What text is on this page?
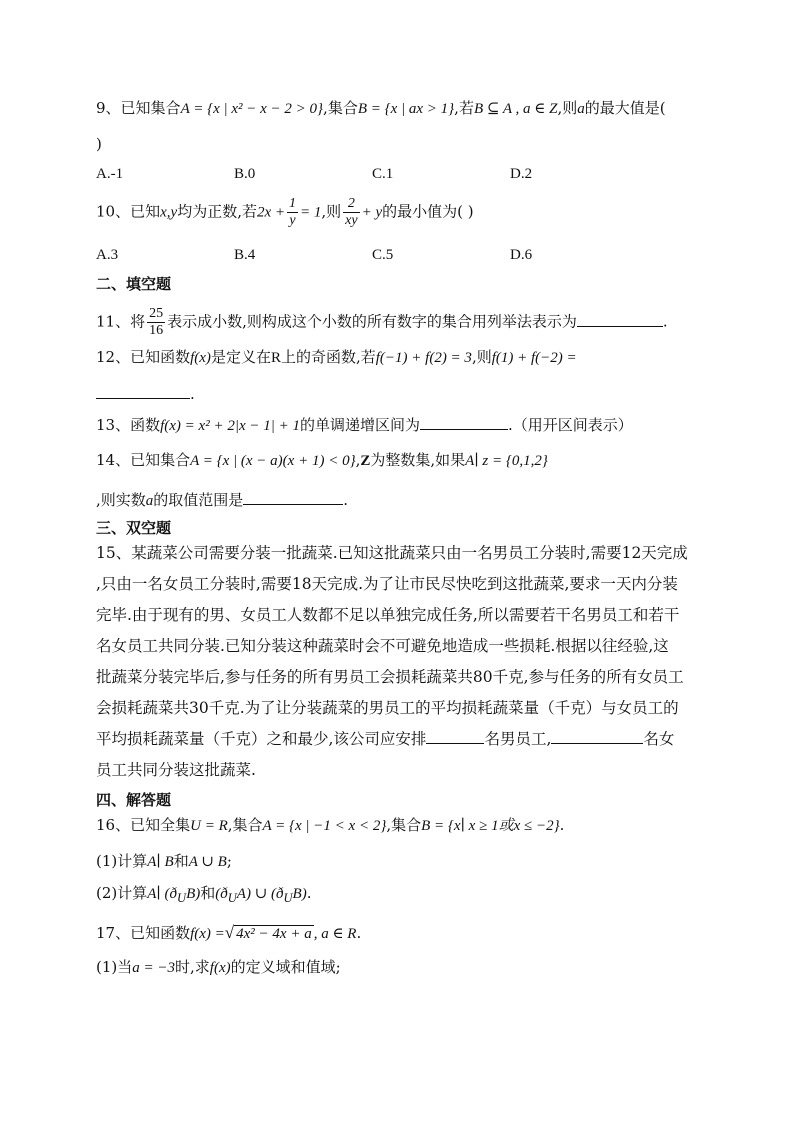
9、已知集合A = {x | x² − x − 2 > 0},集合B = {x | ax > 1},若B ⊆ A , a ∈ Z,则a的最大值是(
)
A.-1	B.0	C.1	D.2
10、已知x,y均为正数,若$2x + \frac{1}{y} = 1$,则 $\frac{2}{xy} + y$的最小值为( )
A.3	B.4	C.5	D.6
二、填空题
11、将 $\frac{25}{16}$ 表示成小数,则构成这个小数的所有数字的集合用列举法表示为	.
12、已知函数f(x)是定义在R上的奇函数,若f(−1) + f(2) = 3,则f(1) + f(−2) =
.
13、函数f(x) = x² + 2|x − 1| + 1的单调递增区间为	.（用开区间表示）
14、已知集合A = {x | (x − a)(x + 1) < 0},Z为整数集,如果A∣ z = {0,1,2}
,则实数a的取值范围是	.
三、双空题
15、某蔬菜公司需要分装一批蔬菜.已知这批蔬菜只由一名男员工分装时,需要12天完成
,只由一名女员工分装时,需要18天完成.为了让市民尽快吃到这批蔬菜,要求一天内分装
完毕.由于现有的男、女员工人数都不足以单独完成任务,所以需要若干名男员工和若干
名女员工共同分装.已知分装这种蔬菜时会不可避免地造成一些损耗.根据以往经验,这
批蔬菜分装完毕后,参与任务的所有男员工会损耗蔬菜共80千克,参与任务的所有女员工
会损耗蔬菜共30千克.为了让分装蔬菜的男员工的平均损耗蔬菜量（千克）与女员工的
平均损耗蔬菜量（千克）之和最少,该公司应安排	名男员工,	名女
员工共同分装这批蔬菜.
四、解答题
16、已知全集U = R,集合A = {x | −1 < x < 2},集合B = {x∣ x ≥ 1或x ≤ −2}.
(1)计算A∣ B和A ∪ B;
(2)计算A∣ $(ð_UB)$和$(ð_UA)$ ∪ $(ð_UB)$.
17、已知函数f(x) =√ 4x² − 4x + a , a ∈ R.
(1)当a = −3时,求f(x)的定义域和值域;
